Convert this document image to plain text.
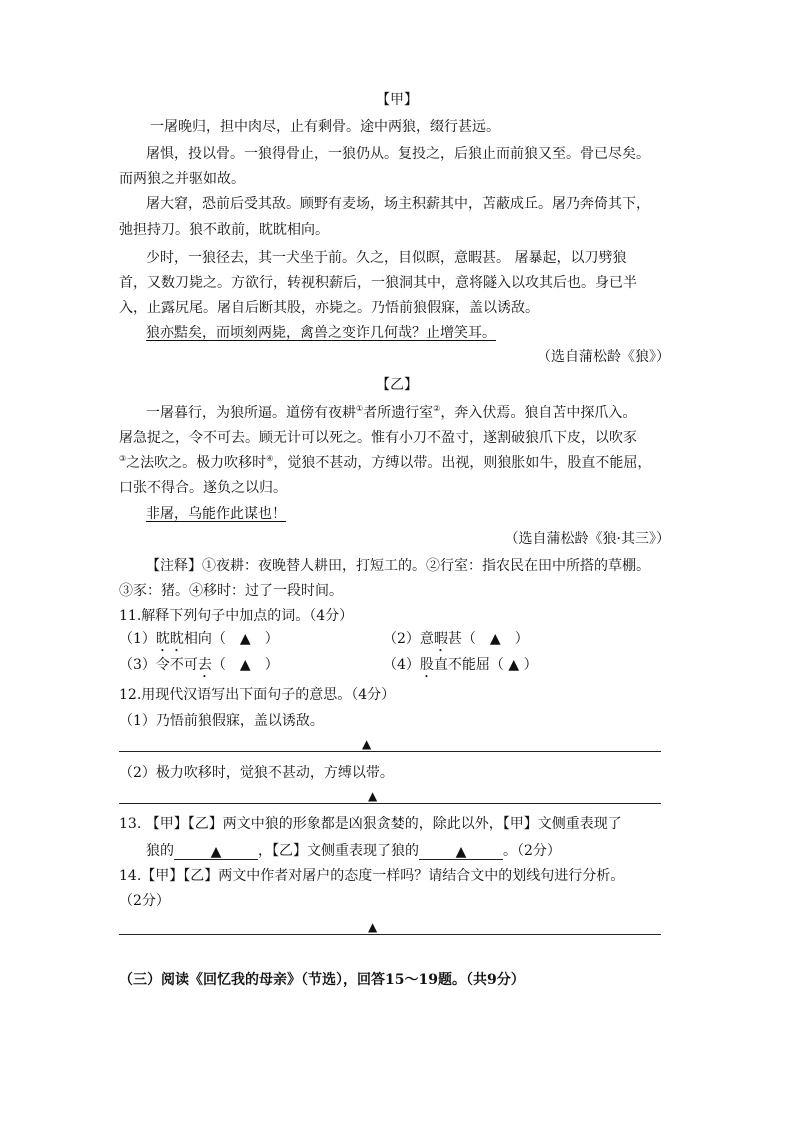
【甲】
一屠晚归，担中肉尽，止有剩骨。途中两狼，缀行甚远。
屠惧，投以骨。一狼得骨止，一狼仍从。复投之，后狼止而前狼又至。骨已尽矣。
而两狼之并驱如故。
屠大窘，恐前后受其敌。顾野有麦场，场主积薪其中，苫蔽成丘。屠乃奔倚其下，
弛担持刀。狼不敢前，眈眈相向。
少时，一狼径去，其一犬坐于前。久之，目似瞑，意暇甚。 屠暴起，以刀劈狼
首，又数刀毙之。方欲行，转视积薪后，一狼洞其中，意将隧入以攻其后也。身已半
入，止露尻尾。屠自后断其股，亦毙之。乃悟前狼假寐，盖以诱敌。
狼亦黠矣，而顷刻两毙，禽兽之变诈几何哉？止增笑耳。
（选自蒲松龄《狼》）
【乙】
一屠暮行，为狼所逼。道傍有夜耕①者所遗行室②，奔入伏焉。狼自苫中探爪入。
屠急捉之，令不可去。顾无计可以死之。惟有小刀不盈寸，遂割破狼爪下皮，以吹豕
③之法吹之。极力吹移时④，觉狼不甚动，方缚以带。出视，则狼胀如牛，股直不能屈，
口张不得合。遂负之以归。
非屠，乌能作此谋也！
（选自蒲松龄《狼·其三》）
【注释】①夜耕：夜晚替人耕田，打短工的。②行室：指农民在田中所搭的草棚。
③豕：猪。④移时：过了一段时间。
11.解释下列句子中加点的词。（4分）
（1）眈眈相向（　▲　）	（2）意暇甚（　▲　）
（3）令不可去（　▲　）	（4）股直不能屈（ ▲ ）
12.用现代汉语写出下面句子的意思。（4分）
（1）乃悟前狼假寐，盖以诱敌。
▲
（2）极力吹移时，觉狼不甚动，方缚以带。
▲
13. 【甲】【乙】两文中狼的形象都是凶狠贪婪的，除此以外，【甲】文侧重表现了
狼的	▲	，【乙】文侧重表现了狼的	▲	。（2分）
14.【甲】【乙】两文中作者对屠户的态度一样吗？请结合文中的划线句进行分析。
（2分）
▲
（三）阅读《回忆我的母亲》（节选），回答15～19题。（共9分）
